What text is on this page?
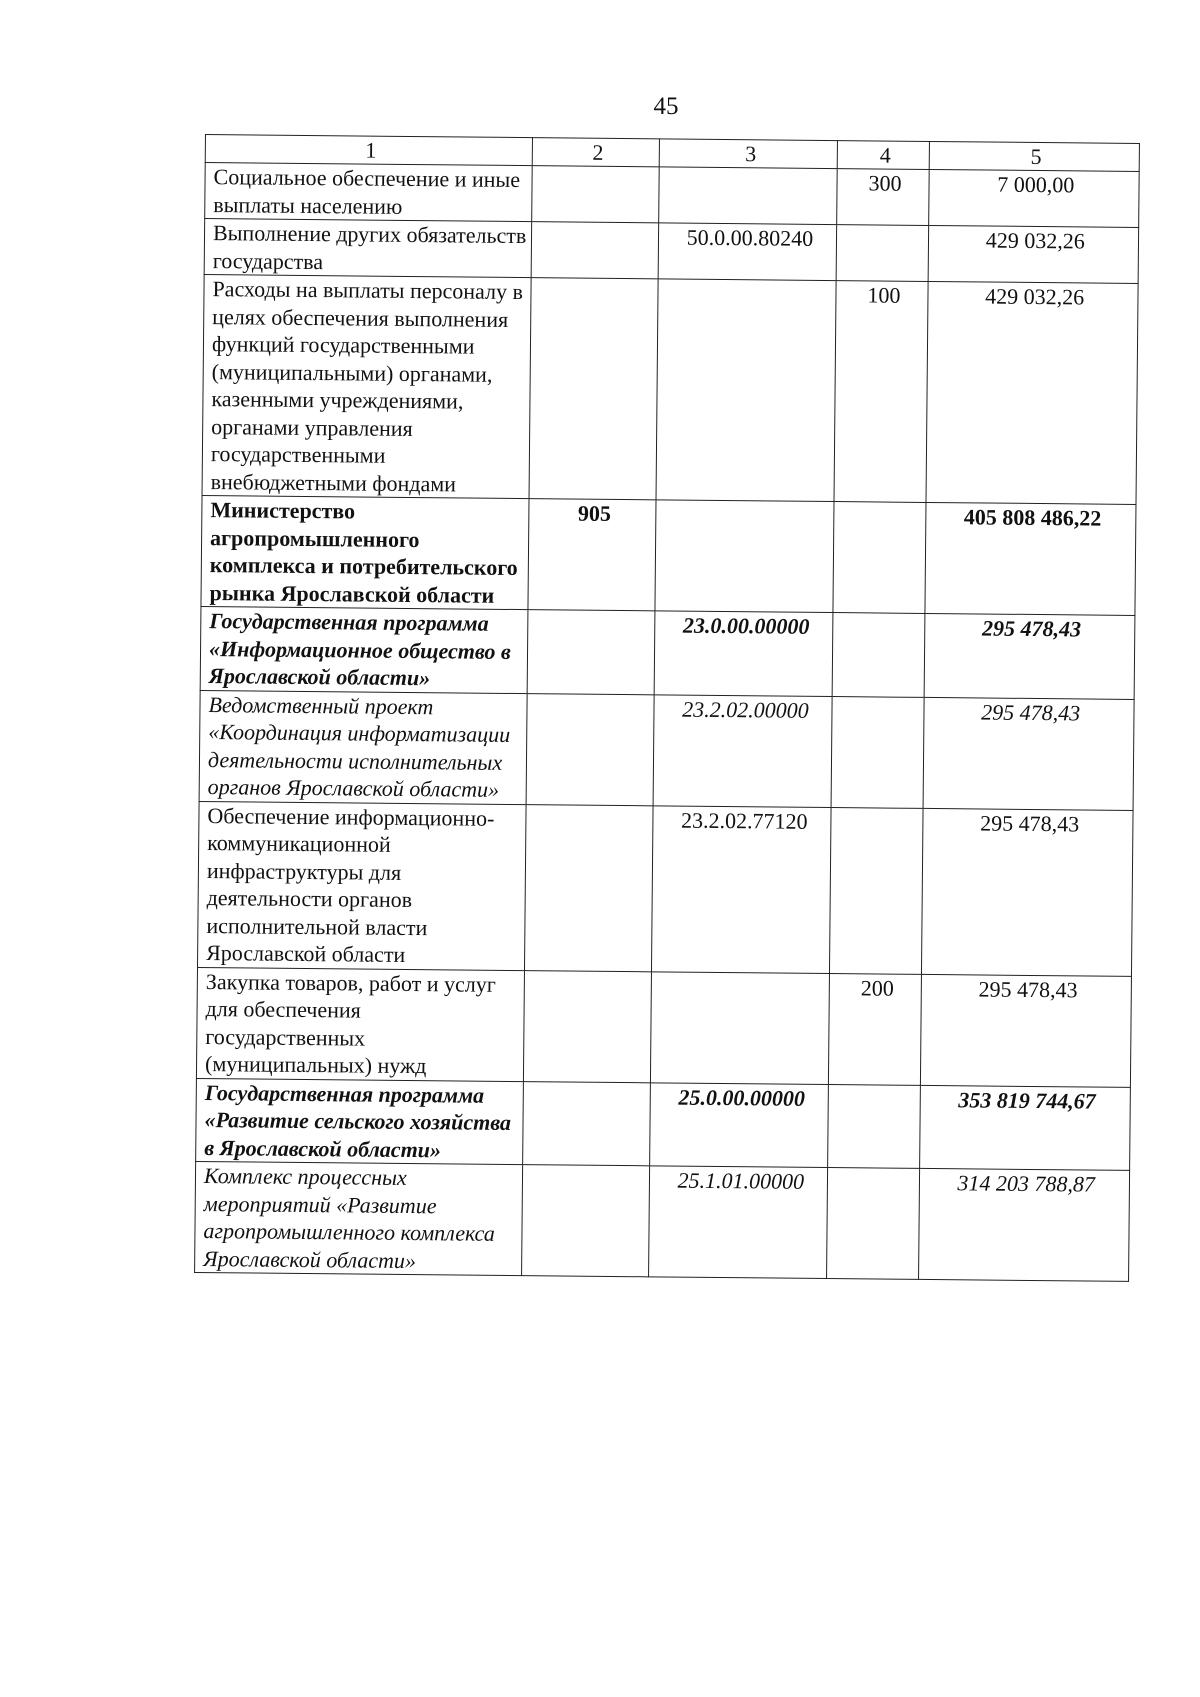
45
1	2	3	4	5
Социальное обеспечение и иные выплаты населению			300	7 000,00
Выполнение других обязательств государства		50.0.00.80240		429 032,26
Расходы на выплаты персоналу в целях обеспечения выполнения функций государственными (муниципальными) органами, казенными учреждениями, органами управления государственными внебюджетными фондами			100	429 032,26
Министерство агропромышленного комплекса и потребительского рынка Ярославской области	905			405 808 486,22
Государственная программа «Информационное общество в Ярославской области»		23.0.00.00000		295 478,43
Ведомственный проект «Координация информатизации деятельности исполнительных органов Ярославской области»		23.2.02.00000		295 478,43
Обеспечение информационно-коммуникационной инфраструктуры для деятельности органов исполнительной власти Ярославской области		23.2.02.77120		295 478,43
Закупка товаров, работ и услуг для обеспечения государственных (муниципальных) нужд			200	295 478,43
Государственная программа «Развитие сельского хозяйства в Ярославской области»		25.0.00.00000		353 819 744,67
Комплекс процессных мероприятий «Развитие агропромышленного комплекса Ярославской области»		25.1.01.00000		314 203 788,87
